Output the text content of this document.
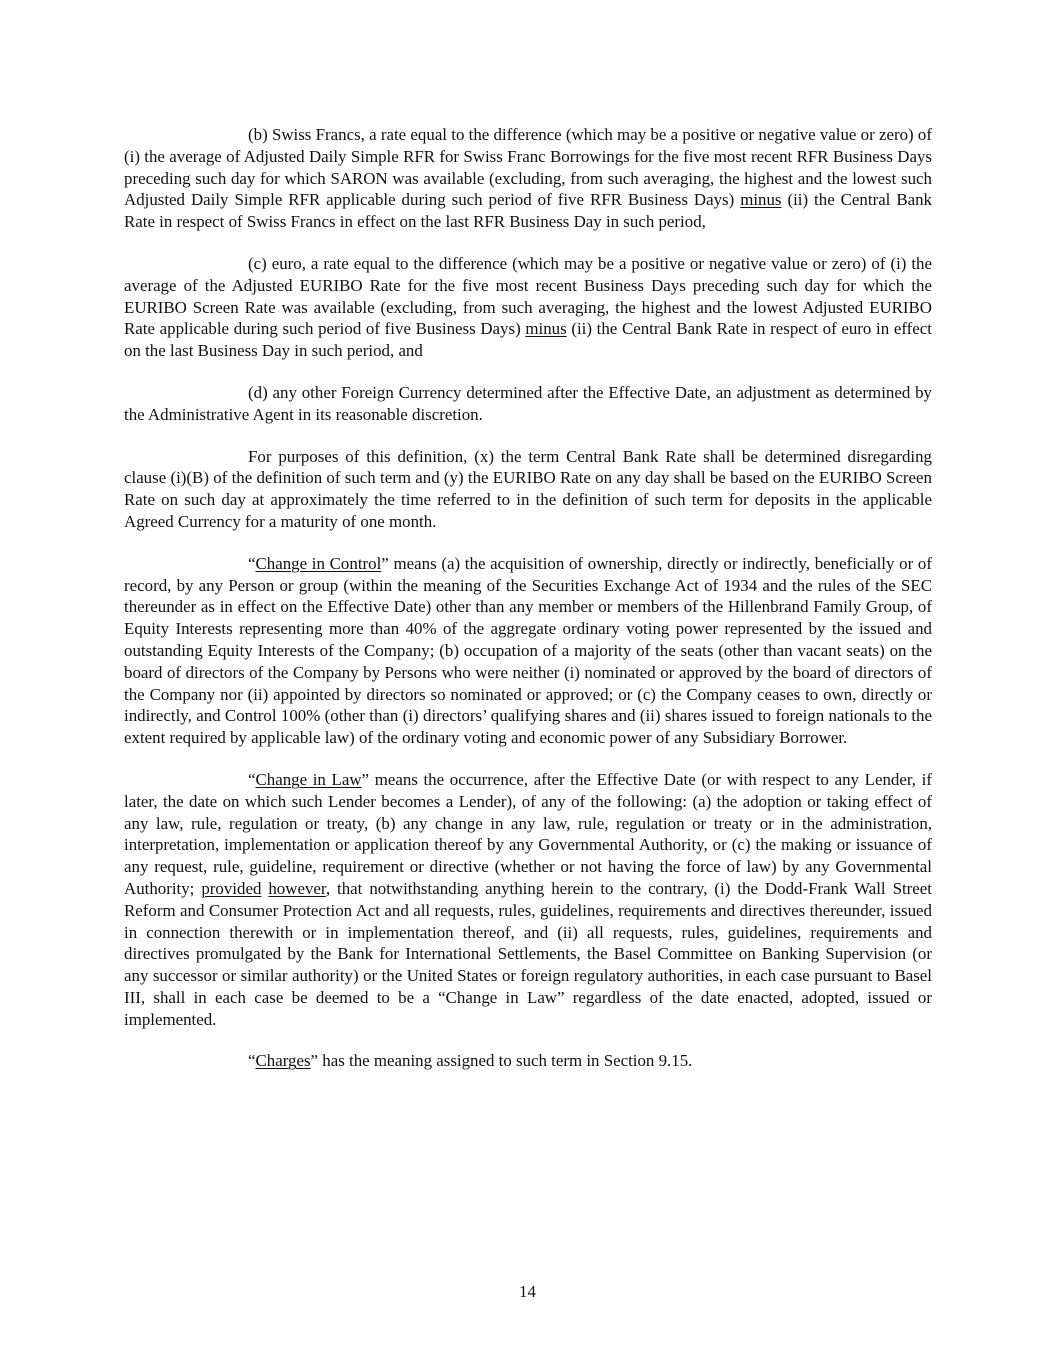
(b) Swiss Francs, a rate equal to the difference (which may be a positive or negative value or zero) of (i) the average of Adjusted Daily Simple RFR for Swiss Franc Borrowings for the five most recent RFR Business Days preceding such day for which SARON was available (excluding, from such averaging, the highest and the lowest such Adjusted Daily Simple RFR applicable during such period of five RFR Business Days) minus (ii) the Central Bank Rate in respect of Swiss Francs in effect on the last RFR Business Day in such period,

(c) euro, a rate equal to the difference (which may be a positive or negative value or zero) of (i) the average of the Adjusted EURIBO Rate for the five most recent Business Days preceding such day for which the EURIBO Screen Rate was available (excluding, from such averaging, the highest and the lowest Adjusted EURIBO Rate applicable during such period of five Business Days) minus (ii) the Central Bank Rate in respect of euro in effect on the last Business Day in such period, and

(d) any other Foreign Currency determined after the Effective Date, an adjustment as determined by the Administrative Agent in its reasonable discretion.

For purposes of this definition, (x) the term Central Bank Rate shall be determined disregarding clause (i)(B) of the definition of such term and (y) the EURIBO Rate on any day shall be based on the EURIBO Screen Rate on such day at approximately the time referred to in the definition of such term for deposits in the applicable Agreed Currency for a maturity of one month.

“Change in Control” means (a) the acquisition of ownership, directly or indirectly, beneficially or of record, by any Person or group (within the meaning of the Securities Exchange Act of 1934 and the rules of the SEC thereunder as in effect on the Effective Date) other than any member or members of the Hillenbrand Family Group, of Equity Interests representing more than 40% of the aggregate ordinary voting power represented by the issued and outstanding Equity Interests of the Company; (b) occupation of a majority of the seats (other than vacant seats) on the board of directors of the Company by Persons who were neither (i) nominated or approved by the board of directors of the Company nor (ii) appointed by directors so nominated or approved; or (c) the Company ceases to own, directly or indirectly, and Control 100% (other than (i) directors’ qualifying shares and (ii) shares issued to foreign nationals to the extent required by applicable law) of the ordinary voting and economic power of any Subsidiary Borrower.

“Change in Law” means the occurrence, after the Effective Date (or with respect to any Lender, if later, the date on which such Lender becomes a Lender), of any of the following: (a) the adoption or taking effect of any law, rule, regulation or treaty, (b) any change in any law, rule, regulation or treaty or in the administration, interpretation, implementation or application thereof by any Governmental Authority, or (c) the making or issuance of any request, rule, guideline, requirement or directive (whether or not having the force of law) by any Governmental Authority; provided however, that notwithstanding anything herein to the contrary, (i) the Dodd-Frank Wall Street Reform and Consumer Protection Act and all requests, rules, guidelines, requirements and directives thereunder, issued in connection therewith or in implementation thereof, and (ii) all requests, rules, guidelines, requirements and directives promulgated by the Bank for International Settlements, the Basel Committee on Banking Supervision (or any successor or similar authority) or the United States or foreign regulatory authorities, in each case pursuant to Basel III, shall in each case be deemed to be a “Change in Law” regardless of the date enacted, adopted, issued or implemented.

“Charges” has the meaning assigned to such term in Section 9.15.

14
